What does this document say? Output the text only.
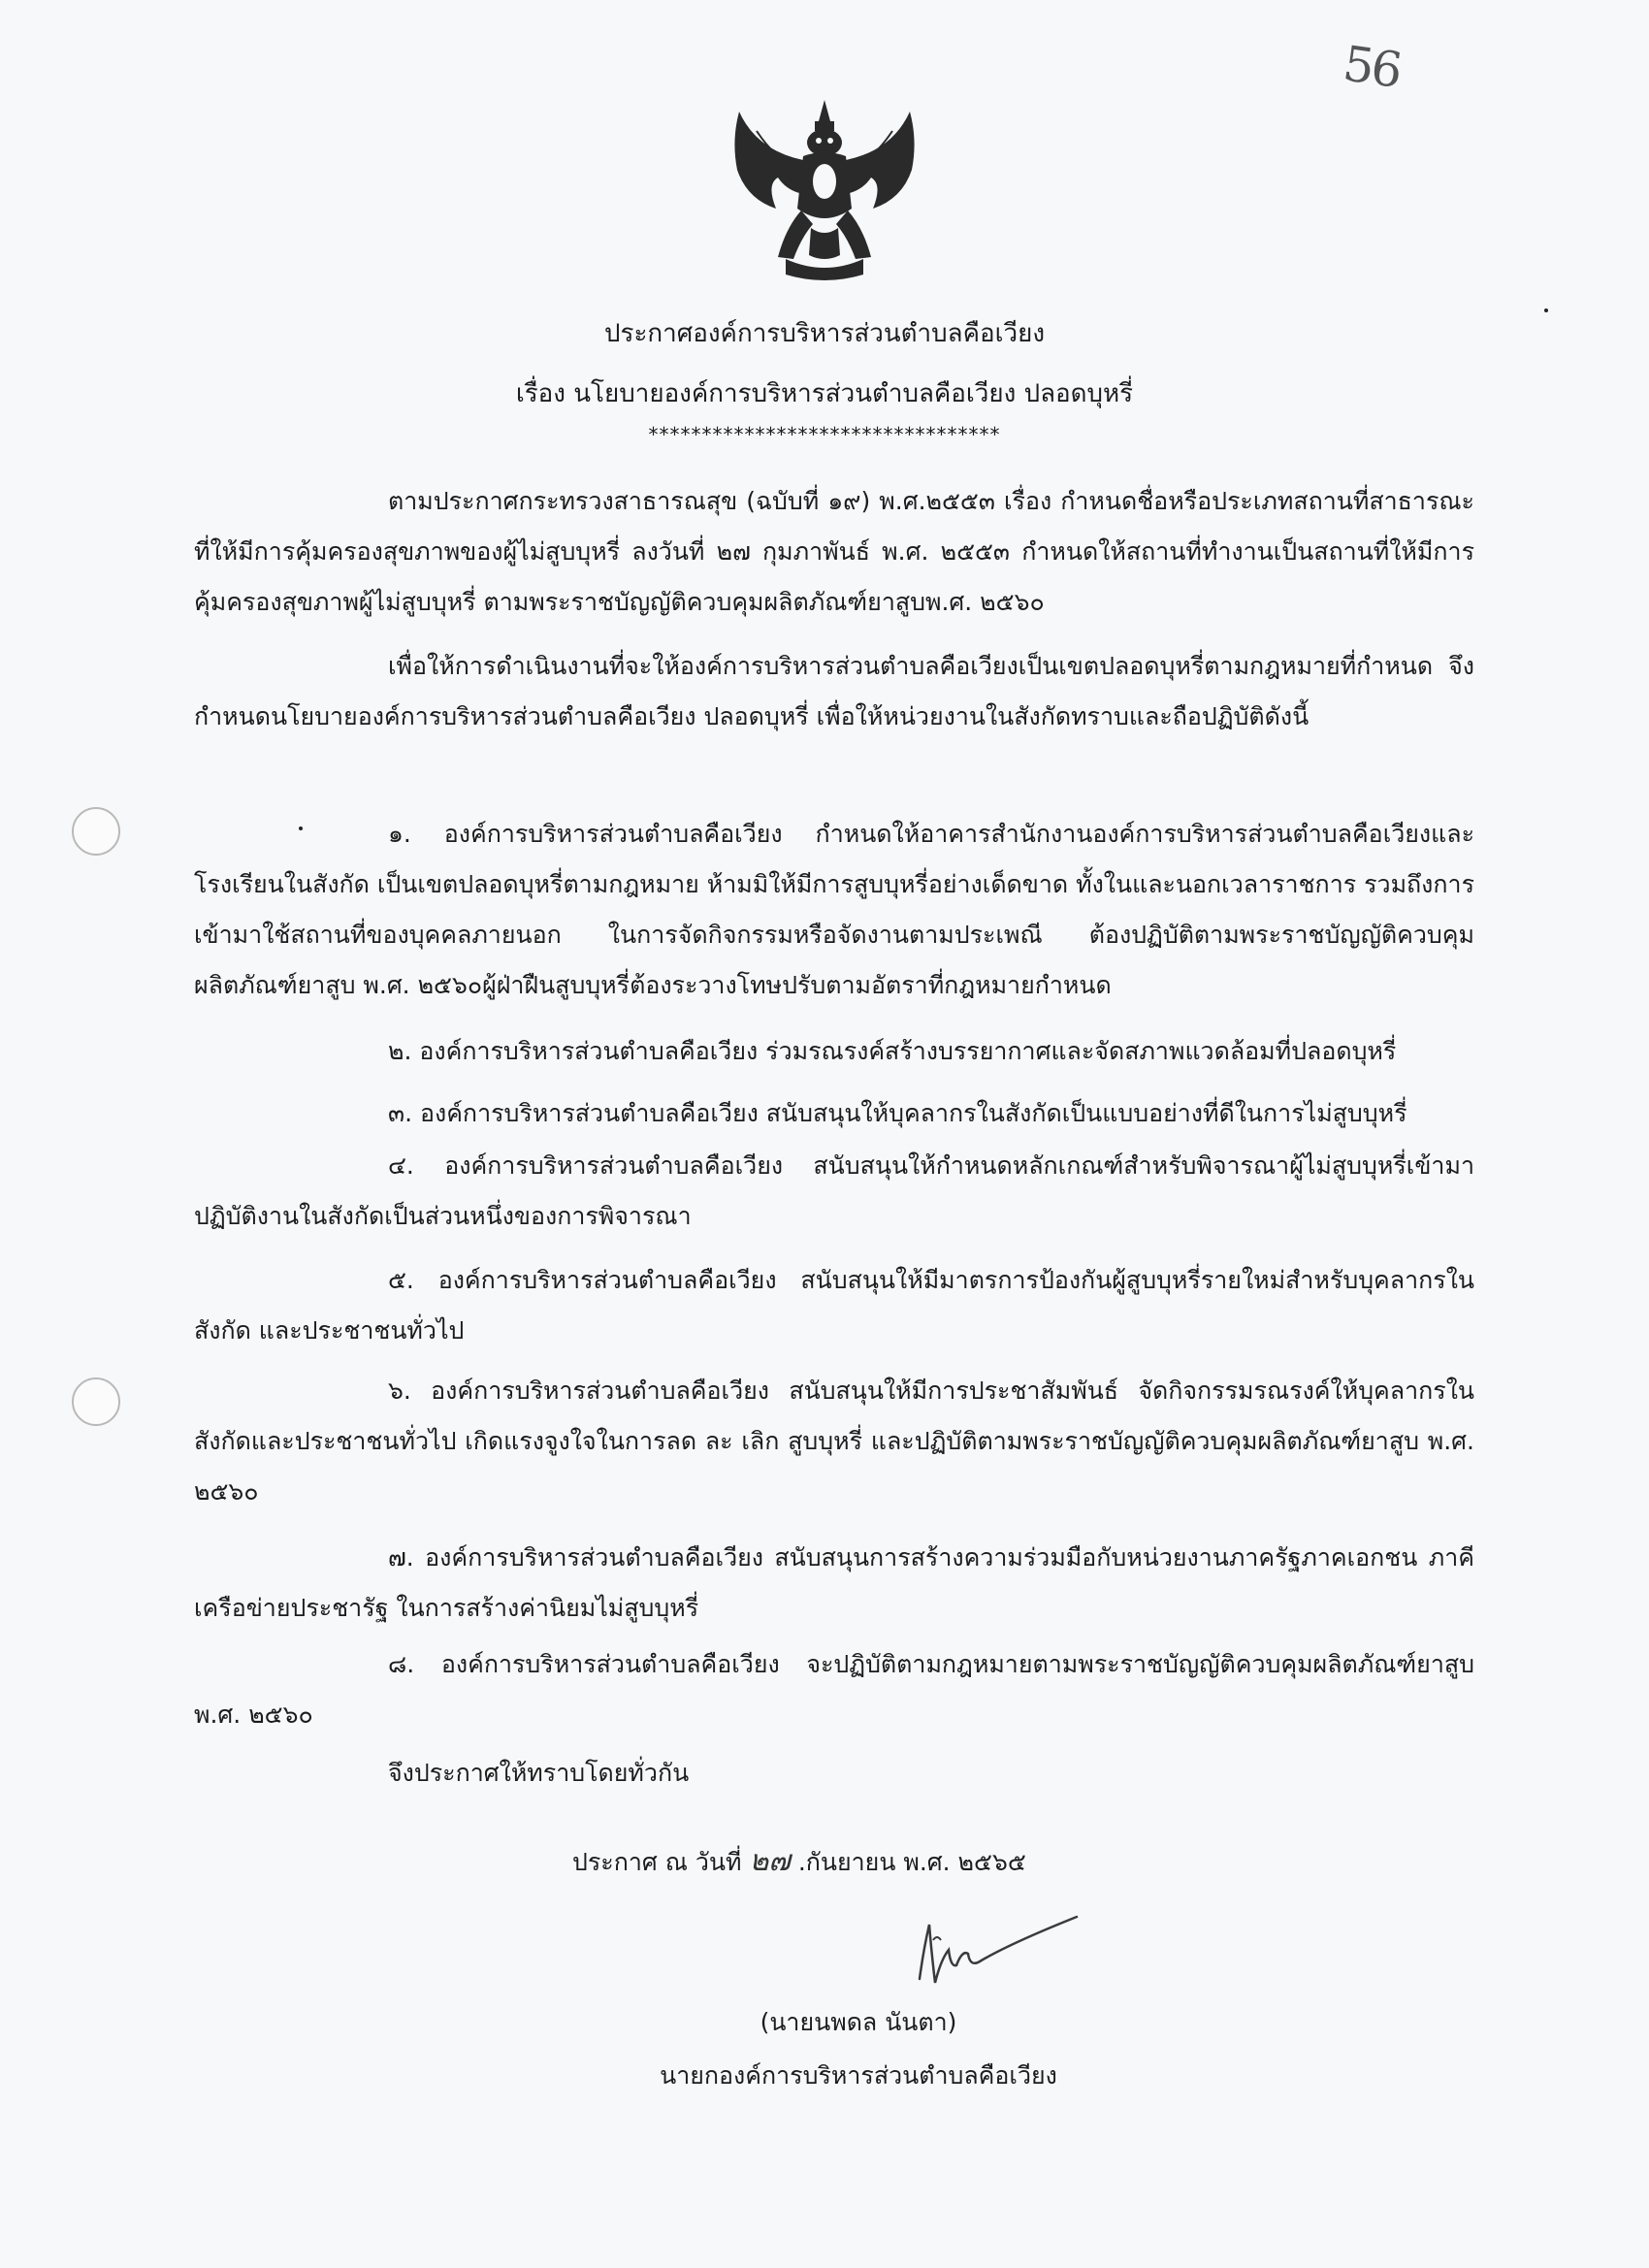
56
ประกาศองค์การบริหารส่วนตำบลคือเวียง
เรื่อง นโยบายองค์การบริหารส่วนตำบลคือเวียง ปลอดบุหรี่
*********************************
ตามประกาศกระทรวงสาธารณสุข (ฉบับที่ ๑๙) พ.ศ.๒๕๕๓ เรื่อง กำหนดชื่อหรือประเภทสถานที่สาธารณะที่ให้มีการคุ้มครองสุขภาพของผู้ไม่สูบบุหรี่ ลงวันที่ ๒๗ กุมภาพันธ์ พ.ศ. ๒๕๕๓ กำหนดให้สถานที่ทำงานเป็นสถานที่ให้มีการคุ้มครองสุขภาพผู้ไม่สูบบุหรี่ ตามพระราชบัญญัติควบคุมผลิตภัณฑ์ยาสูบพ.ศ. ๒๕๖๐
เพื่อให้การดำเนินงานที่จะให้องค์การบริหารส่วนตำบลคือเวียงเป็นเขตปลอดบุหรี่ตามกฎหมายที่กำหนด จึงกำหนดนโยบายองค์การบริหารส่วนตำบลคือเวียง ปลอดบุหรี่ เพื่อให้หน่วยงานในสังกัดทราบและถือปฏิบัติดังนี้
๑. องค์การบริหารส่วนตำบลคือเวียง กำหนดให้อาคารสำนักงานองค์การบริหารส่วนตำบลคือเวียงและโรงเรียนในสังกัด เป็นเขตปลอดบุหรี่ตามกฎหมาย ห้ามมิให้มีการสูบบุหรี่อย่างเด็ดขาด ทั้งในและนอกเวลาราชการ รวมถึงการเข้ามาใช้สถานที่ของบุคคลภายนอก ในการจัดกิจกรรมหรือจัดงานตามประเพณี ต้องปฏิบัติตามพระราชบัญญัติควบคุมผลิตภัณฑ์ยาสูบ พ.ศ. ๒๕๖๐ผู้ฝ่าฝืนสูบบุหรี่ต้องระวางโทษปรับตามอัตราที่กฎหมายกำหนด
๒. องค์การบริหารส่วนตำบลคือเวียง ร่วมรณรงค์สร้างบรรยากาศและจัดสภาพแวดล้อมที่ปลอดบุหรี่
๓. องค์การบริหารส่วนตำบลคือเวียง สนับสนุนให้บุคลากรในสังกัดเป็นแบบอย่างที่ดีในการไม่สูบบุหรี่
๔. องค์การบริหารส่วนตำบลคือเวียง สนับสนุนให้กำหนดหลักเกณฑ์สำหรับพิจารณาผู้ไม่สูบบุหรี่เข้ามาปฏิบัติงานในสังกัดเป็นส่วนหนึ่งของการพิจารณา
๕. องค์การบริหารส่วนตำบลคือเวียง สนับสนุนให้มีมาตรการป้องกันผู้สูบบุหรี่รายใหม่สำหรับบุคลากรในสังกัด และประชาชนทั่วไป
๖. องค์การบริหารส่วนตำบลคือเวียง สนับสนุนให้มีการประชาสัมพันธ์ จัดกิจกรรมรณรงค์ให้บุคลากรในสังกัดและประชาชนทั่วไป เกิดแรงจูงใจในการลด ละ เลิก สูบบุหรี่ และปฏิบัติตามพระราชบัญญัติควบคุมผลิตภัณฑ์ยาสูบ พ.ศ. ๒๕๖๐
๗. องค์การบริหารส่วนตำบลคือเวียง สนับสนุนการสร้างความร่วมมือกับหน่วยงานภาครัฐภาคเอกชน ภาคีเครือข่ายประชารัฐ ในการสร้างค่านิยมไม่สูบบุหรี่
๘. องค์การบริหารส่วนตำบลคือเวียง จะปฏิบัติตามกฎหมายตามพระราชบัญญัติควบคุมผลิตภัณฑ์ยาสูบ พ.ศ. ๒๕๖๐
จึงประกาศให้ทราบโดยทั่วกัน
ประกาศ ณ วันที่ ๒๗ .กันยายน พ.ศ. ๒๕๖๕
(นายนพดล นันตา)
นายกองค์การบริหารส่วนตำบลคือเวียง
